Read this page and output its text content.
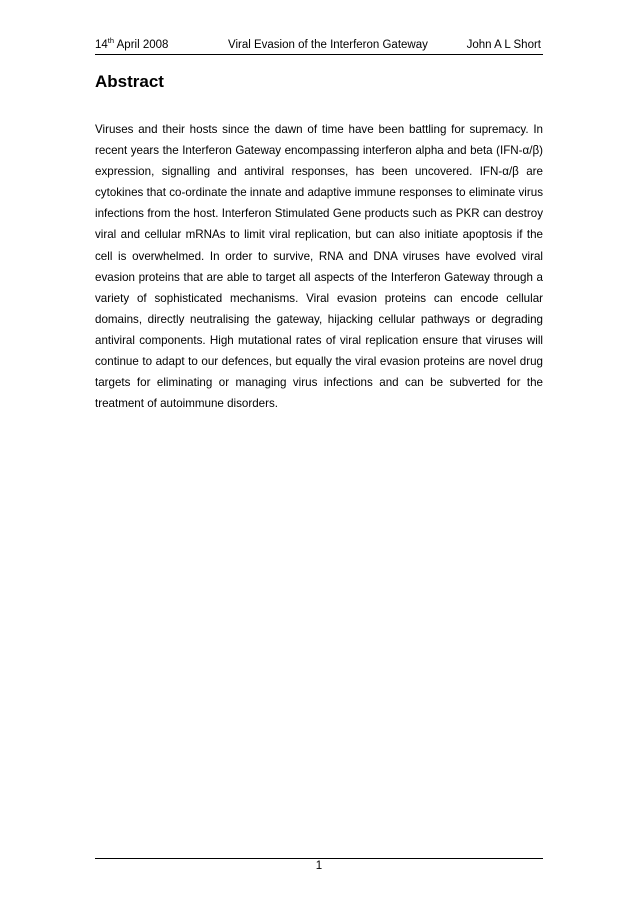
14th April 2008	Viral Evasion of the Interferon Gateway	John A L Short
Abstract

Viruses and their hosts since the dawn of time have been battling for supremacy. In recent years the Interferon Gateway encompassing interferon alpha and beta (IFN-α/β) expression, signalling and antiviral responses, has been uncovered. IFN-α/β are cytokines that co-ordinate the innate and adaptive immune responses to eliminate virus infections from the host. Interferon Stimulated Gene products such as PKR can destroy viral and cellular mRNAs to limit viral replication, but can also initiate apoptosis if the cell is overwhelmed. In order to survive, RNA and DNA viruses have evolved viral evasion proteins that are able to target all aspects of the Interferon Gateway through a variety of sophisticated mechanisms. Viral evasion proteins can encode cellular domains, directly neutralising the gateway, hijacking cellular pathways or degrading antiviral components. High mutational rates of viral replication ensure that viruses will continue to adapt to our defences, but equally the viral evasion proteins are novel drug targets for eliminating or managing virus infections and can be subverted for the treatment of autoimmune disorders.

1
